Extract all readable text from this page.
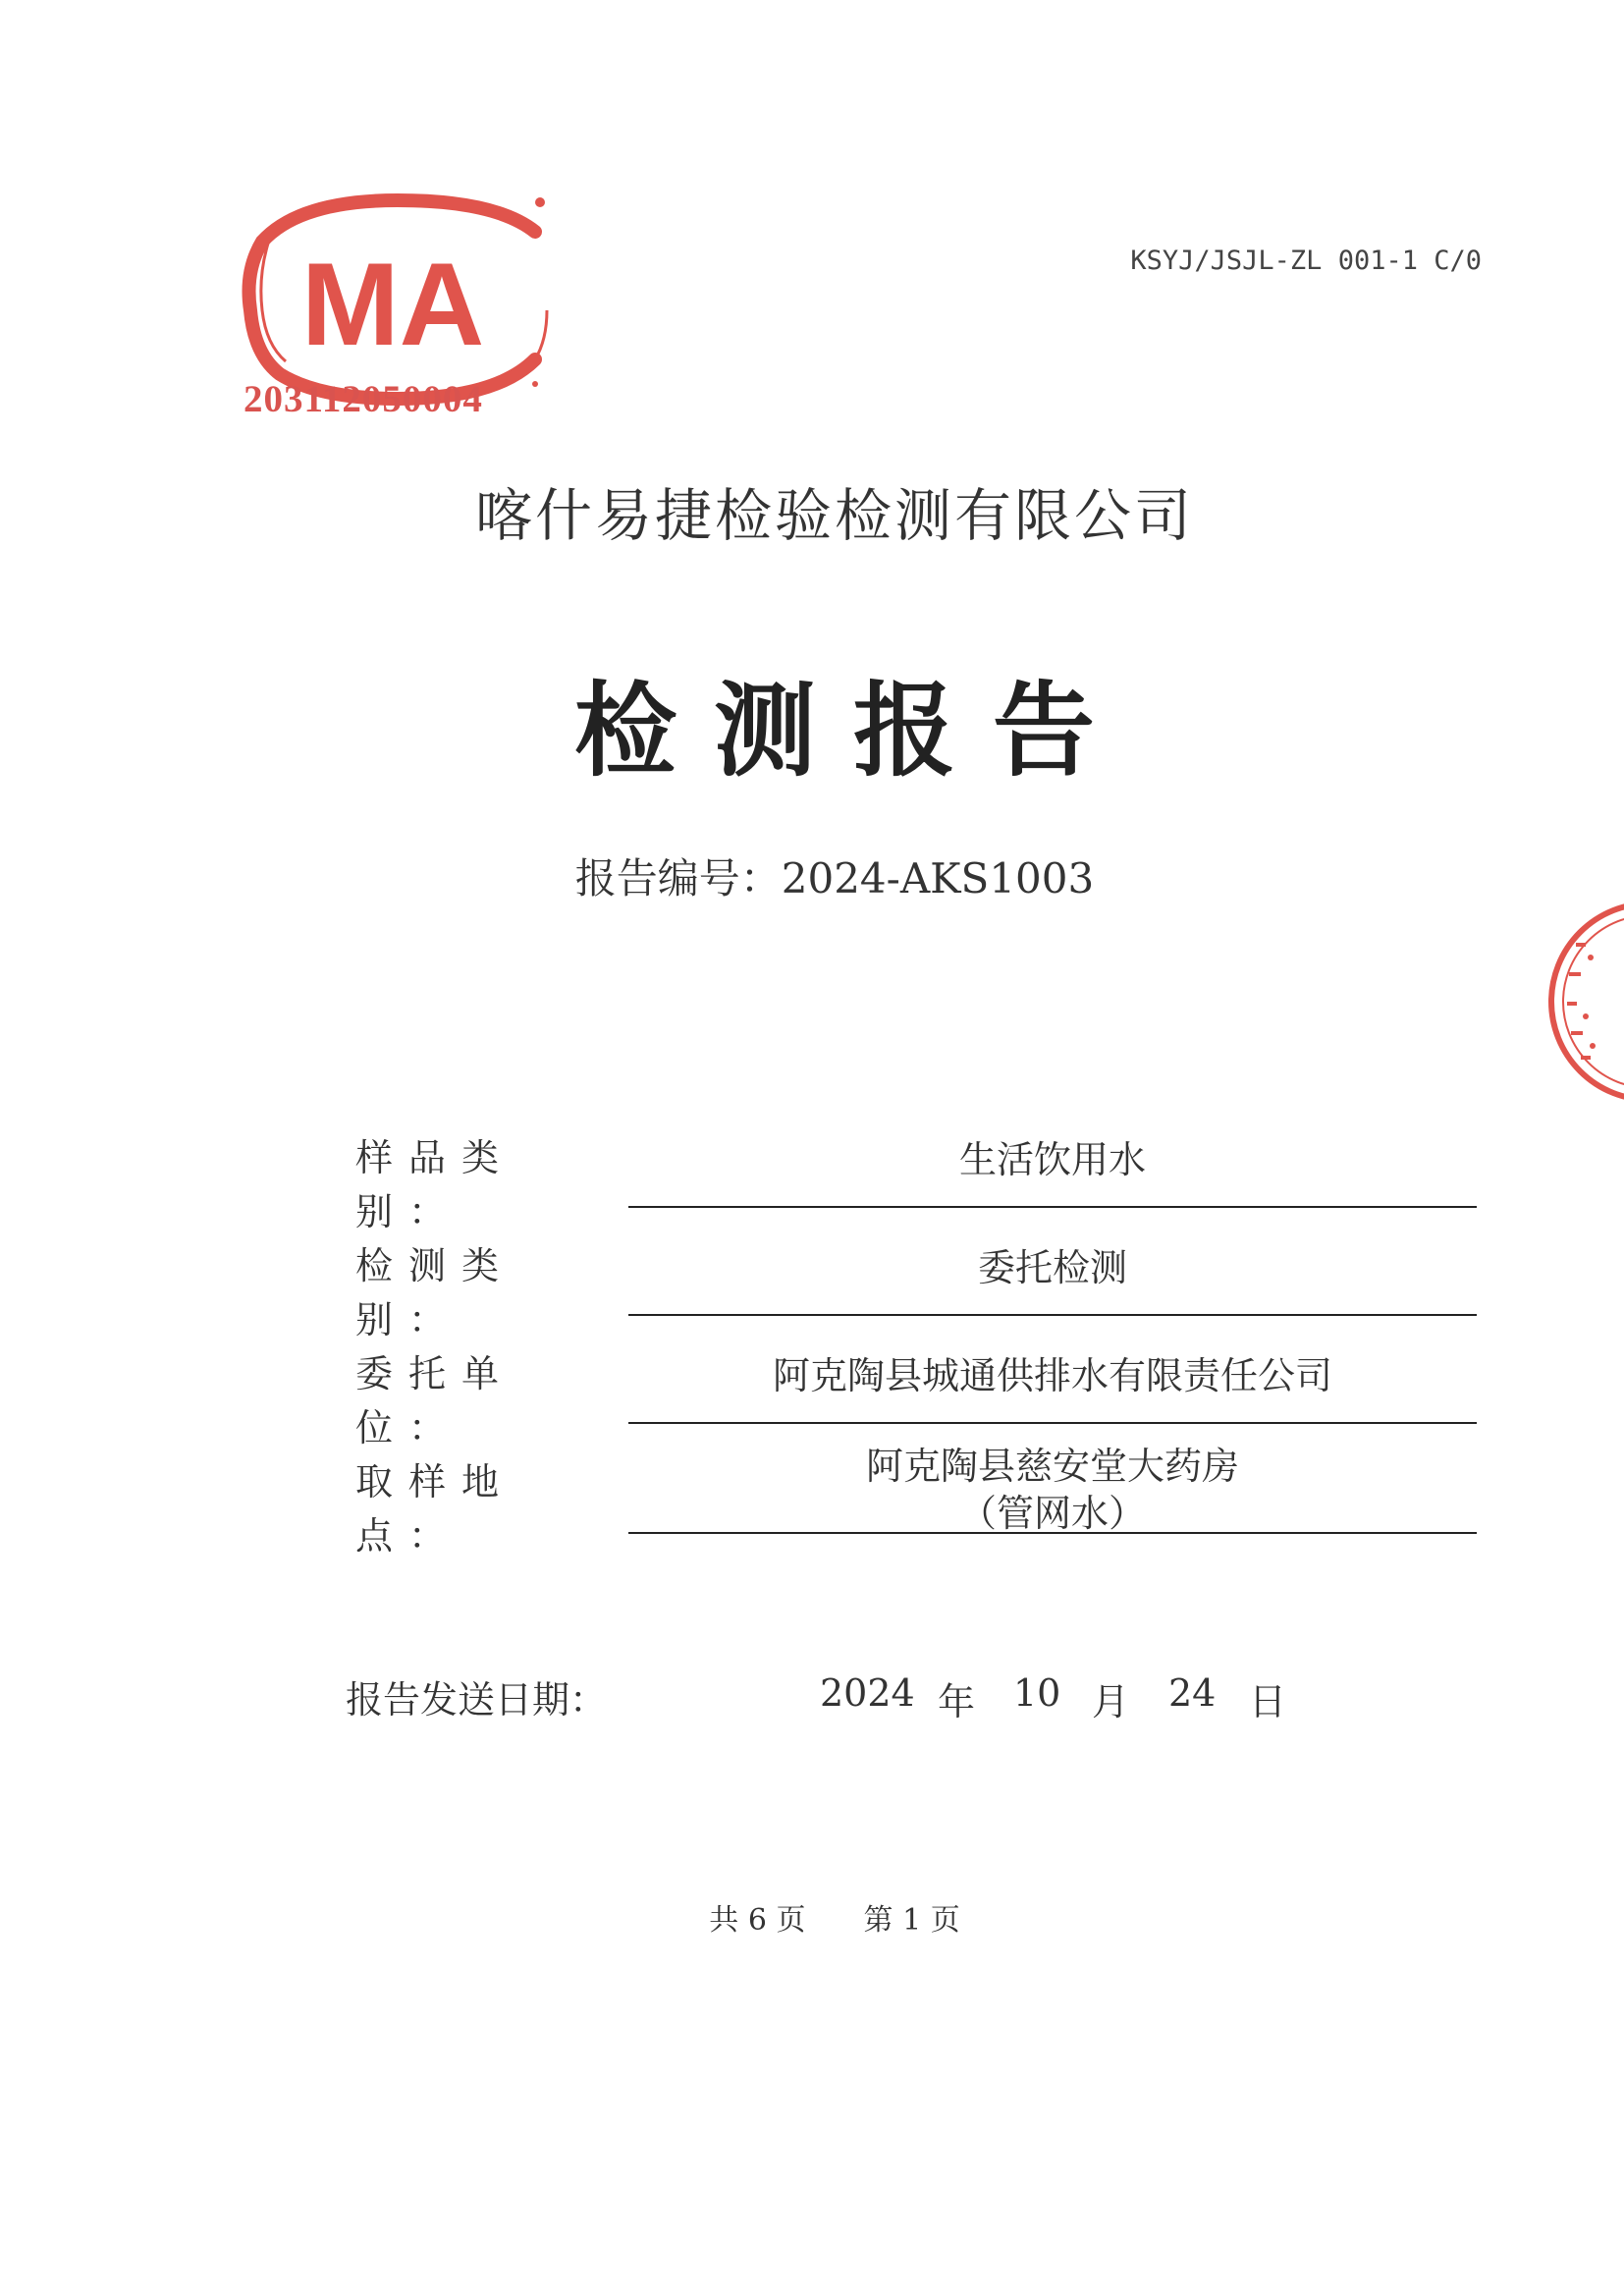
MA
203112050004
KSYJ/JSJL-ZL 001-1 C/0
喀什易捷检验检测有限公司
检测报告
报告编号：2024-AKS1003
样品类别：
生活饮用水
检测类别：
委托检测
委托单位：
阿克陶县城通供排水有限责任公司
取样地点：
阿克陶县慈安堂大药房
（管网水）
报告发送日期：	2024 年 10 月 24 日
共 6 页 第 1 页
